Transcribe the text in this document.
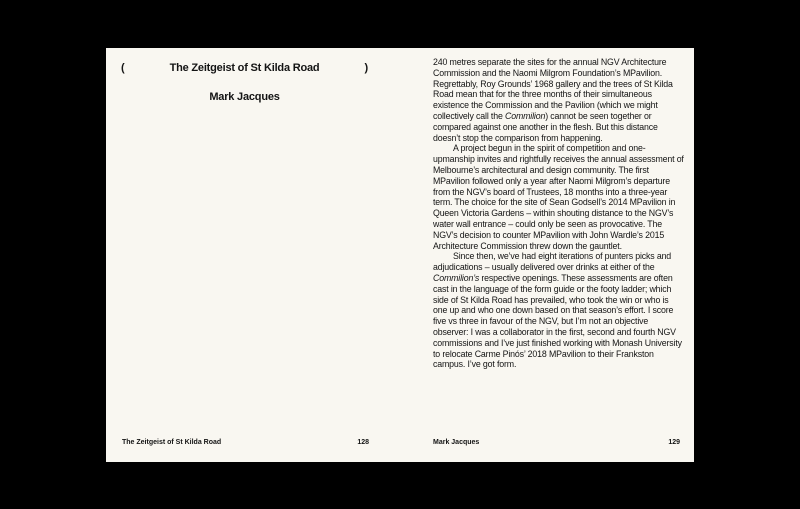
(	The Zeitgeist of St Kilda Road	)
Mark Jacques
The Zeitgeist of St Kilda Road	128

240 metres separate the sites for the annual NGV Architecture Commission and the Naomi Milgrom Foundation’s MPavilion. Regrettably, Roy Grounds’ 1968 gallery and the trees of St Kilda Road mean that for the three months of their simultaneous existence the Commission and the Pavilion (which we might collectively call the Commilion) cannot be seen together or compared against one another in the flesh. But this distance doesn’t stop the comparison from happening.

A project begun in the spirit of competition and one-upmanship invites and rightfully receives the annual assessment of Melbourne’s architectural and design community. The first MPavilion followed only a year after Naomi Milgrom’s departure from the NGV’s board of Trustees, 18 months into a three-year term. The choice for the site of Sean Godsell’s 2014 MPavilion in Queen Victoria Gardens – within shouting distance to the NGV’s water wall entrance – could only be seen as provocative. The NGV’s decision to counter MPavilion with John Wardle’s 2015 Architecture Commission threw down the gauntlet.

Since then, we’ve had eight iterations of punters picks and adjudications – usually delivered over drinks at either of the Commilion’s respective openings. These assessments are often cast in the language of the form guide or the footy ladder; which side of St Kilda Road has prevailed, who took the win or who is one up and who one down based on that season’s effort. I score five vs three in favour of the NGV, but I’m not an objective observer: I was a collaborator in the first, second and fourth NGV commissions and I’ve just finished working with Monash University to relocate Carme Pinós’ 2018 MPavilion to their Frankston campus. I’ve got form.

Mark Jacques	129
